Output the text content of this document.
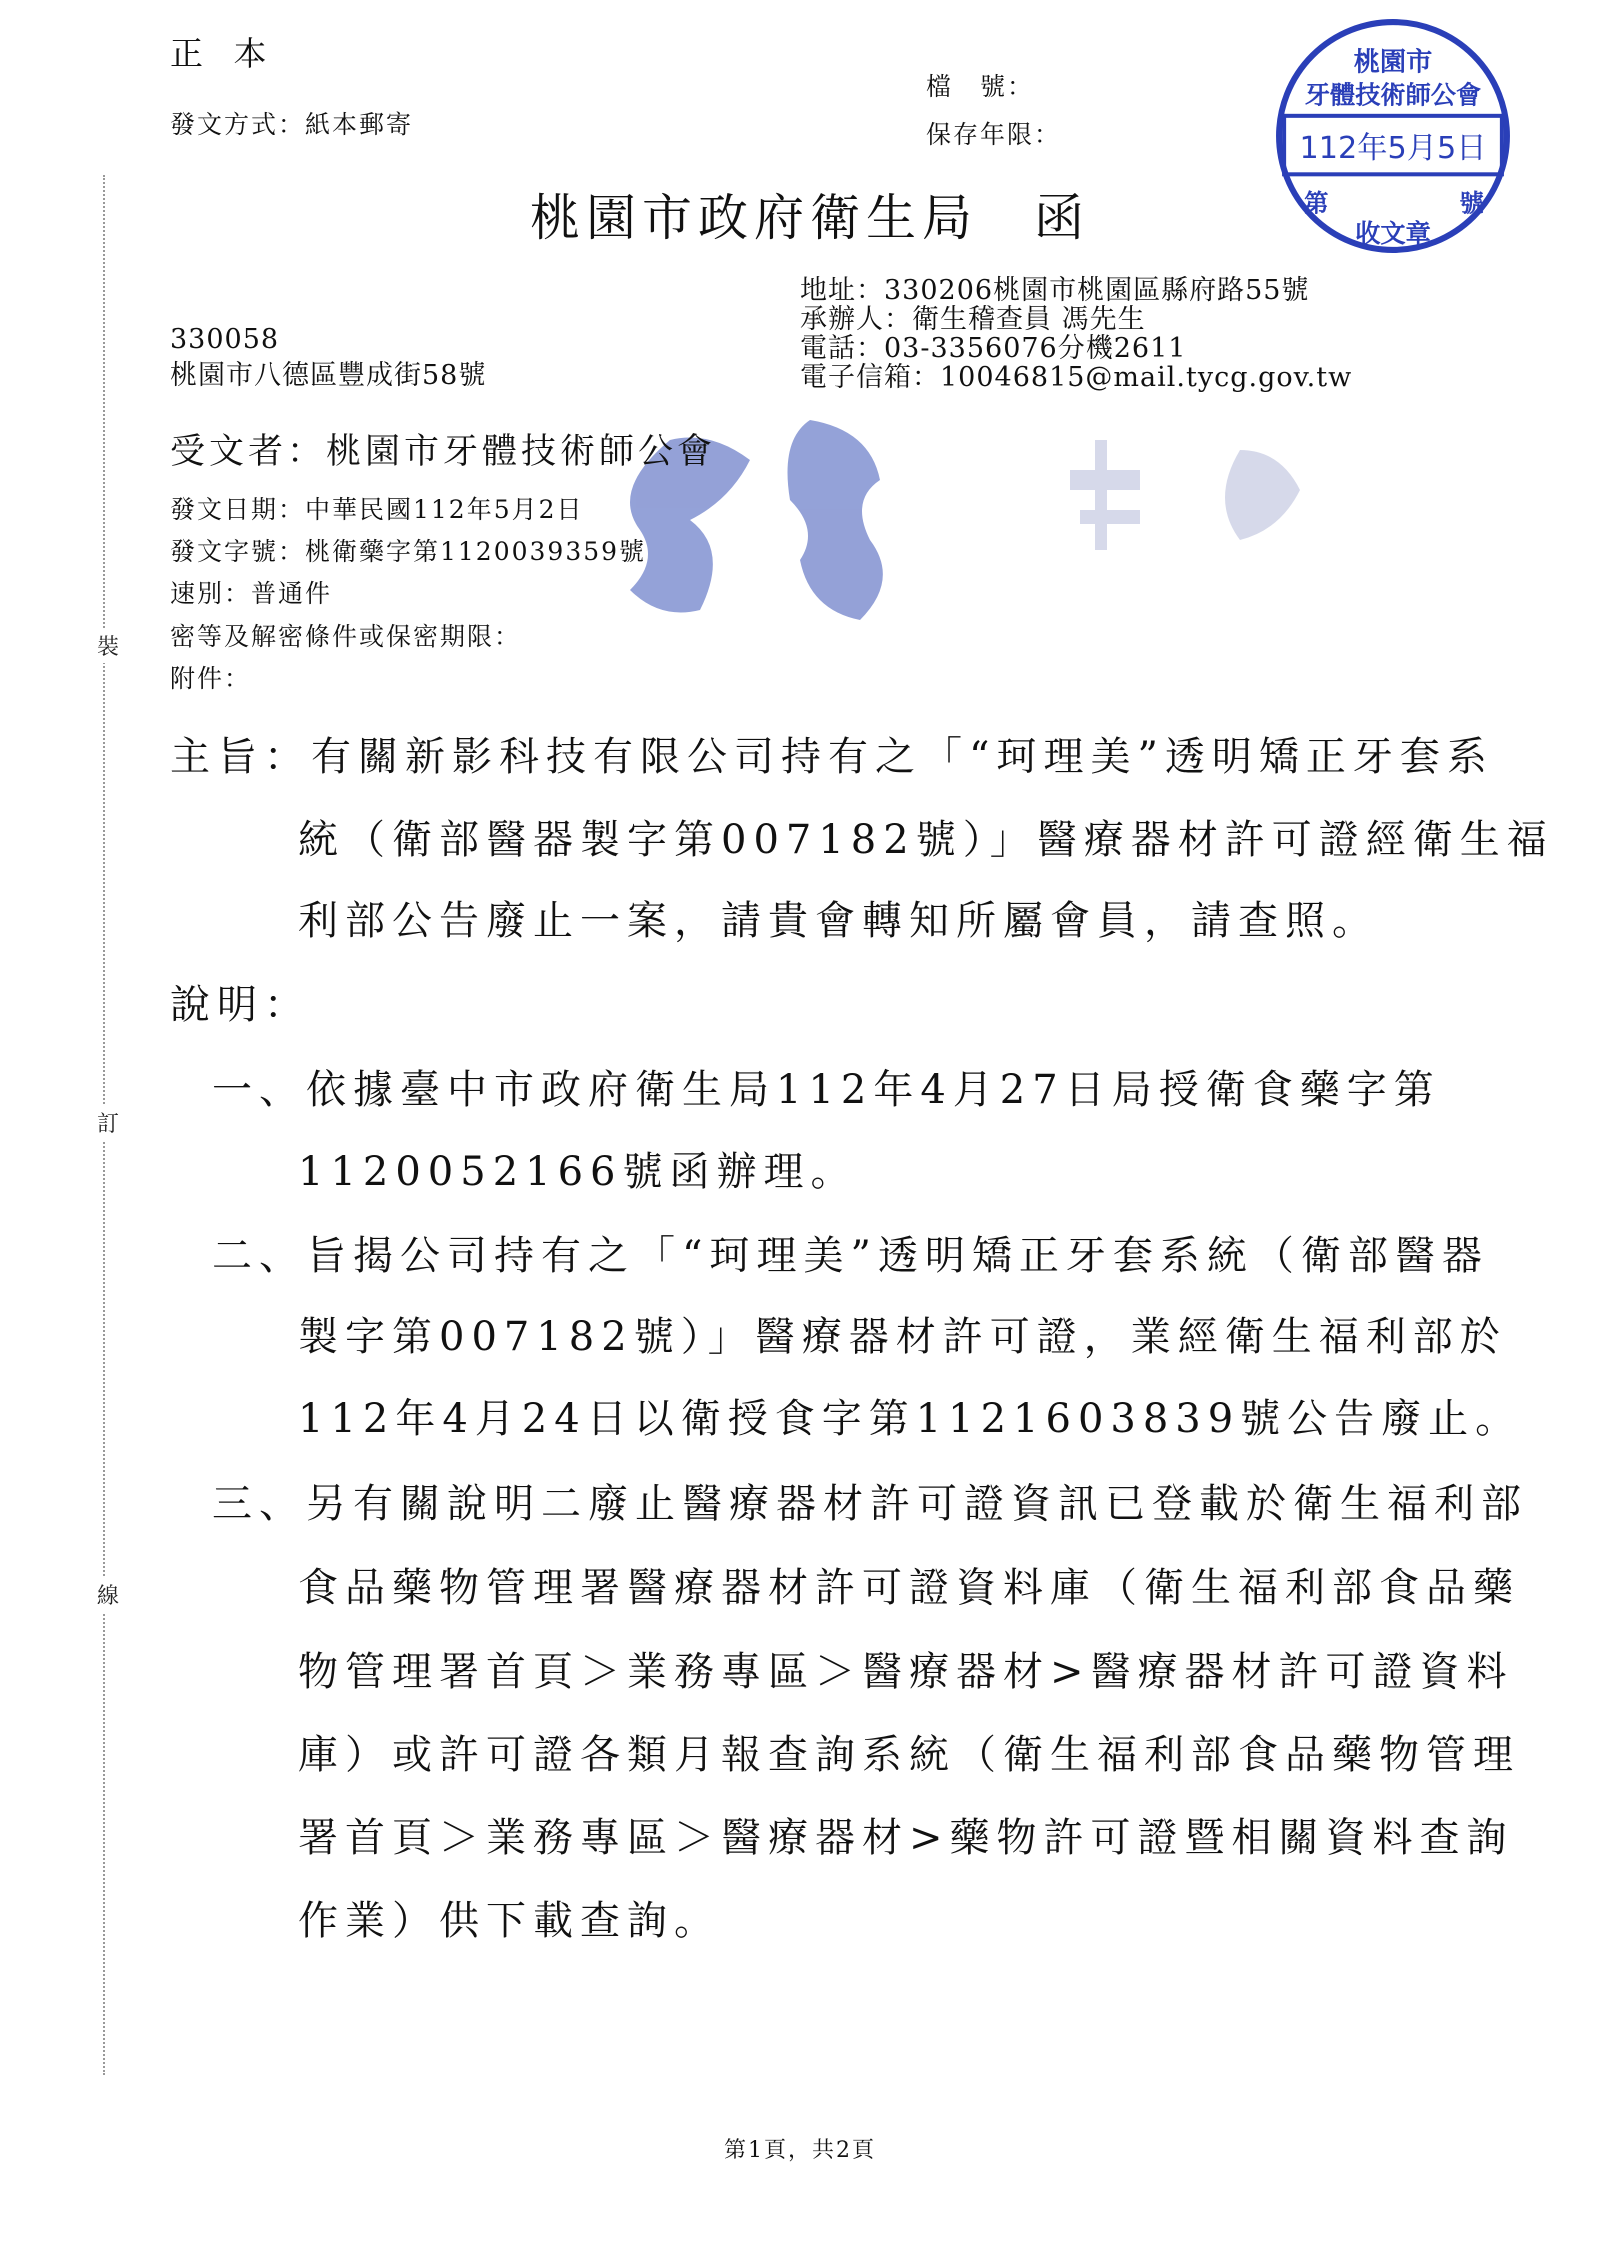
正 本
發文方式：紙本郵寄
檔　號：
保存年限：
桃園市
牙體技術師公會
112年5月5日
第	號
收文章
桃園市政府衛生局　函
330058
桃園市八德區豐成街58號
地址：330206桃園市桃園區縣府路55號
承辦人：衛生稽查員 馮先生
電話：03-3356076分機2611
電子信箱：10046815@mail.tycg.gov.tw
受文者：桃園市牙體技術師公會
發文日期：中華民國112年5月2日
發文字號：桃衛藥字第1120039359號
速別：普通件
密等及解密條件或保密期限：
附件：
裝
訂
線
主旨：有關新影科技有限公司持有之「“珂理美”透明矯正牙套系
統（衛部醫器製字第007182號）」醫療器材許可證經衛生福
利部公告廢止一案，請貴會轉知所屬會員，請查照。
說明：
一、依據臺中市政府衛生局112年4月27日局授衛食藥字第
1120052166號函辦理。
二、旨揭公司持有之「“珂理美”透明矯正牙套系統（衛部醫器
製字第007182號）」醫療器材許可證，業經衛生福利部於
112年4月24日以衛授食字第1121603839號公告廢止。
三、另有關說明二廢止醫療器材許可證資訊已登載於衛生福利部
食品藥物管理署醫療器材許可證資料庫（衛生福利部食品藥
物管理署首頁＞業務專區＞醫療器材>醫療器材許可證資料
庫）或許可證各類月報查詢系統（衛生福利部食品藥物管理
署首頁＞業務專區＞醫療器材>藥物許可證暨相關資料查詢
作業）供下載查詢。
第1頁，共2頁
